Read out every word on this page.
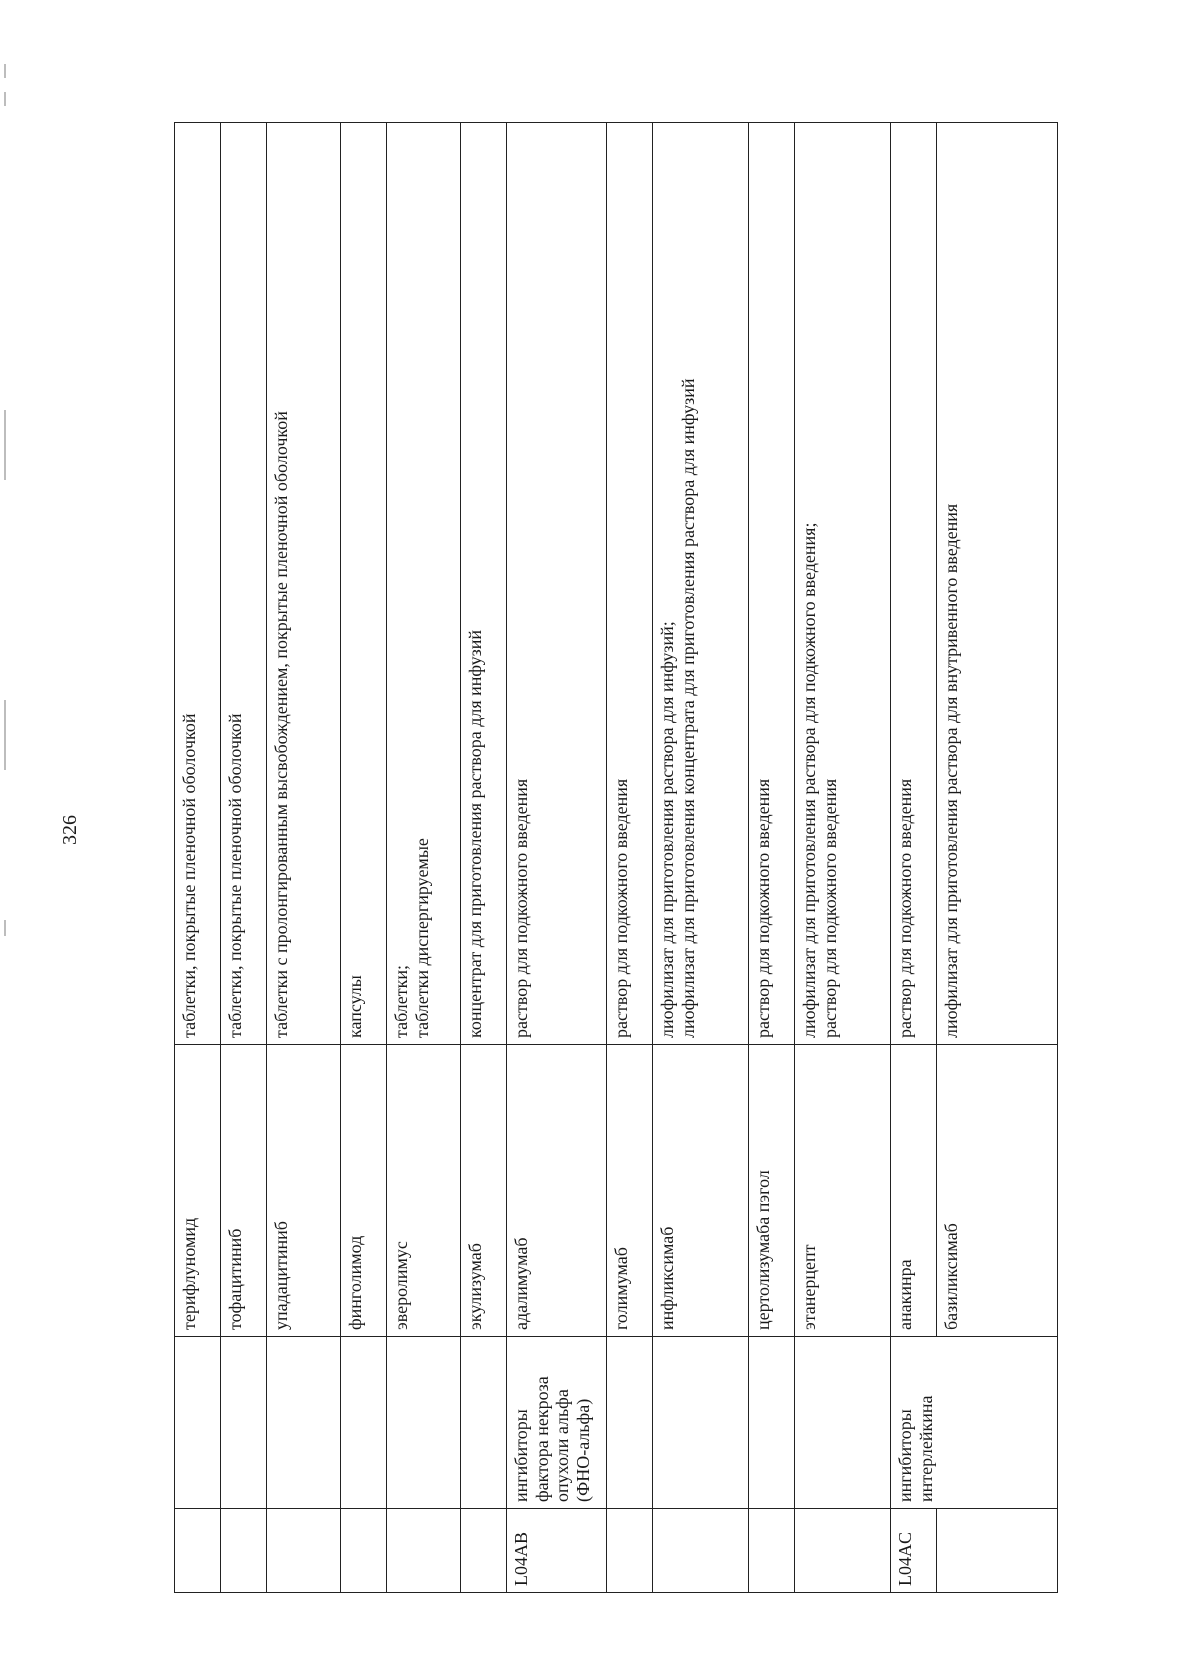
326
		терифлуномид	таблетки, покрытые пленочной оболочкой
		тофацитиниб	таблетки, покрытые пленочной оболочкой
		упадацитиниб	таблетки с пролонгированным высвобождением, покрытые пленочной оболочкой
		финголимод	капсулы
		эверолимус	таблетки;
таблетки диспергируемые
		экулизумаб	концентрат для приготовления раствора для инфузий
L04AB	ингибиторы фактора некроза опухоли альфа (ФНО-альфа)	адалимумаб	раствор для подкожного введения
		голимумаб	раствор для подкожного введения
		инфликсимаб	лиофилизат для приготовления раствора для инфузий;
лиофилизат для приготовления концентрата для приготовления раствора для инфузий
		цертолизумаба пэгол	раствор для подкожного введения
		этанерцепт	лиофилизат для приготовления раствора для подкожного введения;
раствор для подкожного введения
L04AC	ингибиторы интерлейкина	анакинра	раствор для подкожного введения
		базиликсимаб	лиофилизат для приготовления раствора для внутривенного введения
